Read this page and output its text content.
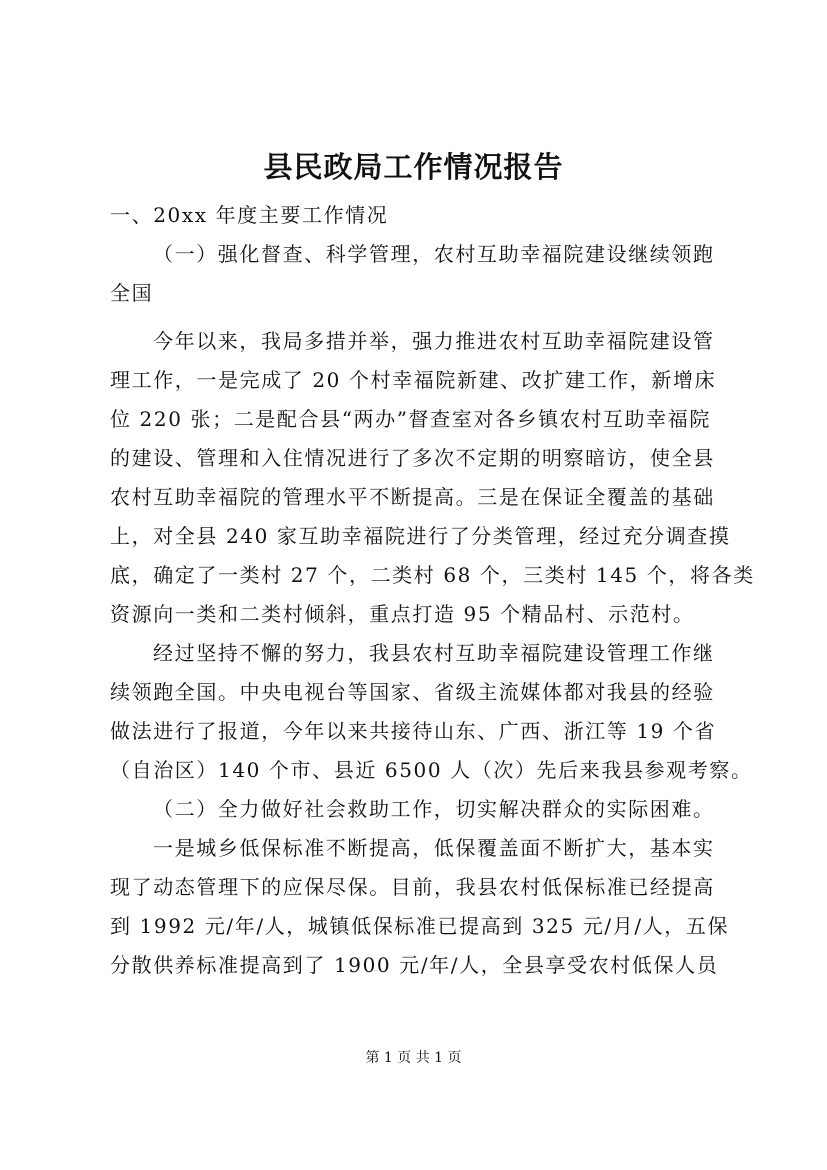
县民政局工作情况报告
一、20xx 年度主要工作情况
（一）强化督查、科学管理，农村互助幸福院建设继续领跑
全国
今年以来，我局多措并举，强力推进农村互助幸福院建设管
理工作，一是完成了 20 个村幸福院新建、改扩建工作，新增床
位 220 张；二是配合县“两办”督查室对各乡镇农村互助幸福院
的建设、管理和入住情况进行了多次不定期的明察暗访，使全县
农村互助幸福院的管理水平不断提高。三是在保证全覆盖的基础
上，对全县 240 家互助幸福院进行了分类管理，经过充分调查摸
底，确定了一类村 27 个，二类村 68 个，三类村 145 个，将各类
资源向一类和二类村倾斜，重点打造 95 个精品村、示范村。
经过坚持不懈的努力，我县农村互助幸福院建设管理工作继
续领跑全国。中央电视台等国家、省级主流媒体都对我县的经验
做法进行了报道，今年以来共接待山东、广西、浙江等 19 个省
（自治区）140 个市、县近 6500 人（次）先后来我县参观考察。
（二）全力做好社会救助工作，切实解决群众的实际困难。
一是城乡低保标准不断提高，低保覆盖面不断扩大，基本实
现了动态管理下的应保尽保。目前，我县农村低保标准已经提高
到 1992 元/年/人，城镇低保标准已提高到 325 元/月/人，五保
分散供养标准提高到了 1900 元/年/人，全县享受农村低保人员
第 1 页 共 1 页
